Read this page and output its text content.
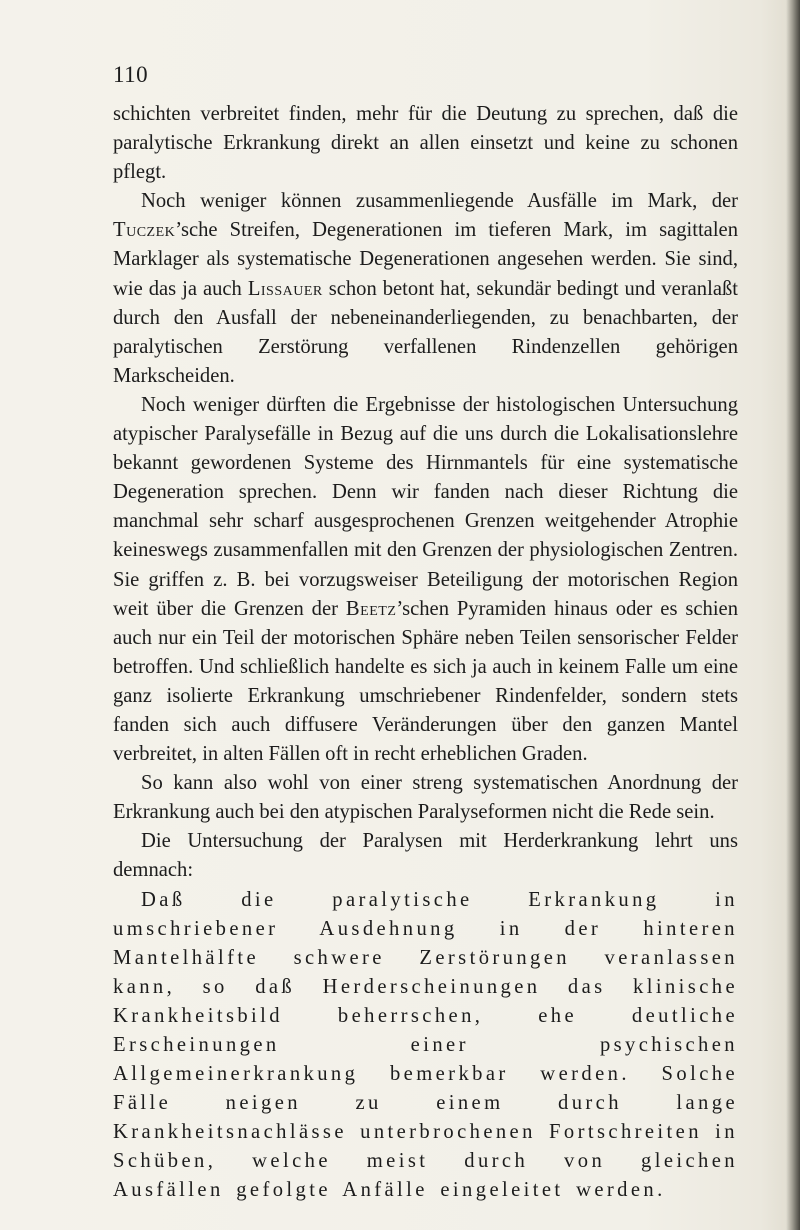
110

schichten verbreitet finden, mehr für die Deutung zu sprechen, daß die paralytische Erkrankung direkt an allen einsetzt und keine zu schonen pflegt.

Noch weniger können zusammenliegende Ausfälle im Mark, der Tuczek’sche Streifen, Degenerationen im tieferen Mark, im sagittalen Marklager als systematische Degenerationen angesehen werden. Sie sind, wie das ja auch Lissauer schon betont hat, sekundär bedingt und veranlaßt durch den Ausfall der nebeneinanderliegenden, zu benachbarten, der paralytischen Zerstörung verfallenen Rindenzellen gehörigen Markscheiden.

Noch weniger dürften die Ergebnisse der histologischen Untersuchung atypischer Paralysefälle in Bezug auf die uns durch die Lokalisationslehre bekannt gewordenen Systeme des Hirnmantels für eine systematische Degeneration sprechen. Denn wir fanden nach dieser Richtung die manchmal sehr scharf ausgesprochenen Grenzen weitgehender Atrophie keineswegs zusammenfallen mit den Grenzen der physiologischen Zentren. Sie griffen z. B. bei vorzugsweiser Beteiligung der motorischen Region weit über die Grenzen der Beetz’schen Pyramiden hinaus oder es schien auch nur ein Teil der motorischen Sphäre neben Teilen sensorischer Felder betroffen. Und schließlich handelte es sich ja auch in keinem Falle um eine ganz isolierte Erkrankung umschriebener Rindenfelder, sondern stets fanden sich auch diffusere Veränderungen über den ganzen Mantel verbreitet, in alten Fällen oft in recht erheblichen Graden.

So kann also wohl von einer streng systematischen Anordnung der Erkrankung auch bei den atypischen Paralyseformen nicht die Rede sein.

Die Untersuchung der Paralysen mit Herderkrankung lehrt uns demnach:

Daß die paralytische Erkrankung in umschriebener Ausdehnung in der hinteren Mantelhälfte schwere Zerstörungen veranlassen kann, so daß Herderscheinungen das klinische Krankheitsbild beherrschen, ehe deutliche Erscheinungen einer psychischen Allgemeinerkrankung bemerkbar werden. Solche Fälle neigen zu einem durch lange Krankheitsnachlässe unterbrochenen Fortschreiten in Schüben, welche meist durch von gleichen Ausfällen gefolgte Anfälle eingeleitet werden.
